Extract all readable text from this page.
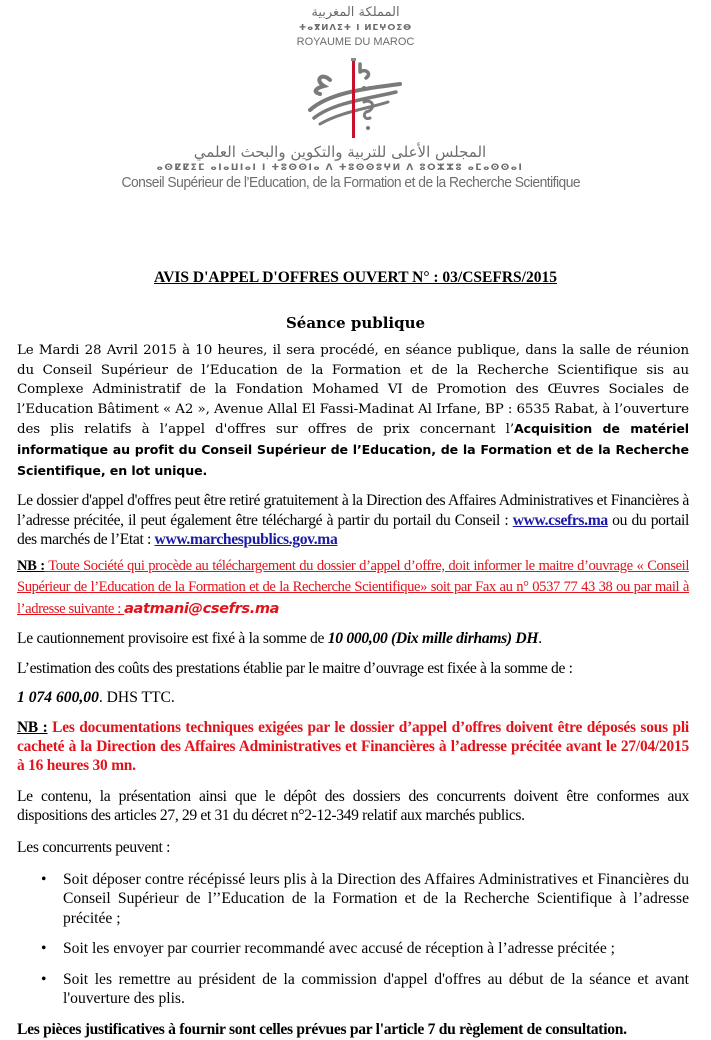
المملكة المغربية
ⵜⴰⴳⵍⴷⵉⵜ ⵏ ⵍⵎⵖⵔⵉⴱ
ROYAUME DU MAROC
المجلس الأعلى للتربية والتكوين والبحث العلمي
ⴰⵙⵇⵇⵉⵎ ⴰⵏⴰⵡⵏⴰⵏ ⵏ ⵜⵓⵙⵙⵏⴰ ⴷ ⵜⵓⵙⵙⵓⵖⵍ ⴷ ⵓⵔⵣⵣⵓ ⴰⵎⴰⵙⵙⴰⵏ
Conseil Supérieur de l’Education, de la Formation et de la Recherche Scientifique
AVIS D'APPEL D'OFFRES OUVERT N° : 03/CSEFRS/2015
Séance publique

Le Mardi 28 Avril 2015 à 10 heures, il sera procédé, en séance publique, dans la salle de réunion du Conseil Supérieur de l’Education de la Formation et de la Recherche Scientifique sis au Complexe Administratif de la Fondation Mohamed VI de Promotion des Œuvres Sociales de l’Education Bâtiment « A2 », Avenue Allal El Fassi-Madinat Al Irfane, BP : 6535 Rabat, à l’ouverture des plis relatifs à l’appel d'offres sur offres de prix concernant l’Acquisition de matériel informatique au profit du Conseil Supérieur de l’Education, de la Formation et de la Recherche Scientifique, en lot unique.

Le dossier d'appel d'offres peut être retiré gratuitement à la Direction des Affaires Administratives et Financières à l’adresse précitée, il peut également être téléchargé à partir du portail du Conseil : www.csefrs.ma ou du portail des marchés de l’Etat : www.marchespublics.gov.ma

NB : Toute Société qui procède au téléchargement du dossier d’appel d’offre, doit informer le maitre d’ouvrage « Conseil Supérieur de l’Education de la Formation et de la Recherche Scientifique» soit par Fax au n° 0537 77 43 38 ou par mail à l’adresse suivante : aatmani@csefrs.ma

Le cautionnement provisoire est fixé à la somme de 10 000,00 (Dix mille dirhams) DH.

L’estimation des coûts des prestations établie par le maitre d’ouvrage est fixée à la somme de :

1 074 600,00. DHS TTC.

NB : Les documentations techniques exigées par le dossier d’appel d’offres doivent être déposés sous pli cacheté à la Direction des Affaires Administratives et Financières à l’adresse précitée avant le 27/04/2015 à 16 heures 30 mn.

Le contenu, la présentation ainsi que le dépôt des dossiers des concurrents doivent être conformes aux dispositions des articles 27, 29 et 31 du décret n°2-12-349 relatif aux marchés publics.

Les concurrents peuvent :

• Soit déposer contre récépissé leurs plis à la Direction des Affaires Administratives et Financières du Conseil Supérieur de l’’Education de la Formation et de la Recherche Scientifique à l’adresse précitée ;
• Soit les envoyer par courrier recommandé avec accusé de réception à l’adresse précitée ;
• Soit les remettre au président de la commission d'appel d'offres au début de la séance et avant l'ouverture des plis.

Les pièces justificatives à fournir sont celles prévues par l'article 7 du règlement de consultation.
